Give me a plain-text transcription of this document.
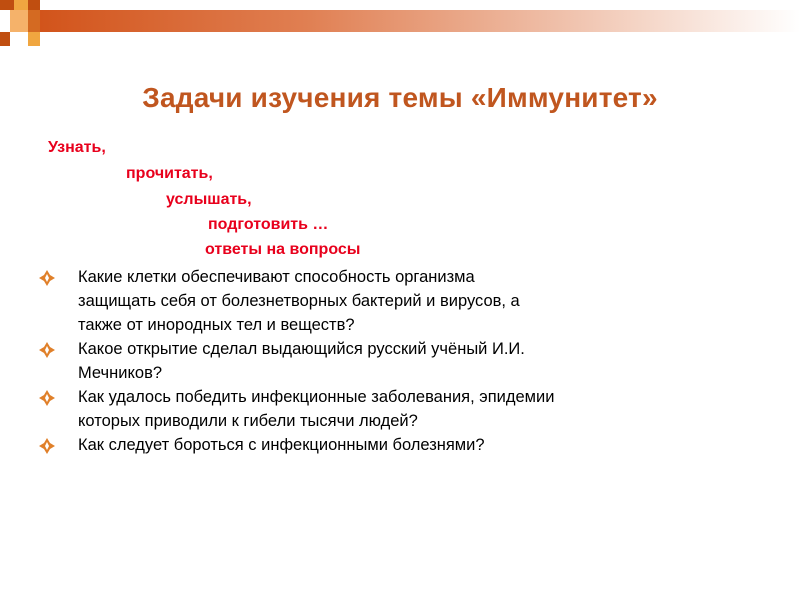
Задачи изучения темы «Иммунитет»
Узнать,
прочитать,
услышать,
подготовить …
ответы на вопросы
Какие клетки обеспечивают способность организма защищать себя от болезнетворных бактерий и вирусов, а также от инородных тел и веществ?
Какое открытие сделал выдающийся русский учёный И.И. Мечников?
Как удалось победить инфекционные заболевания, эпидемии которых приводили к гибели тысячи людей?
Как следует бороться с инфекционными болезнями?
